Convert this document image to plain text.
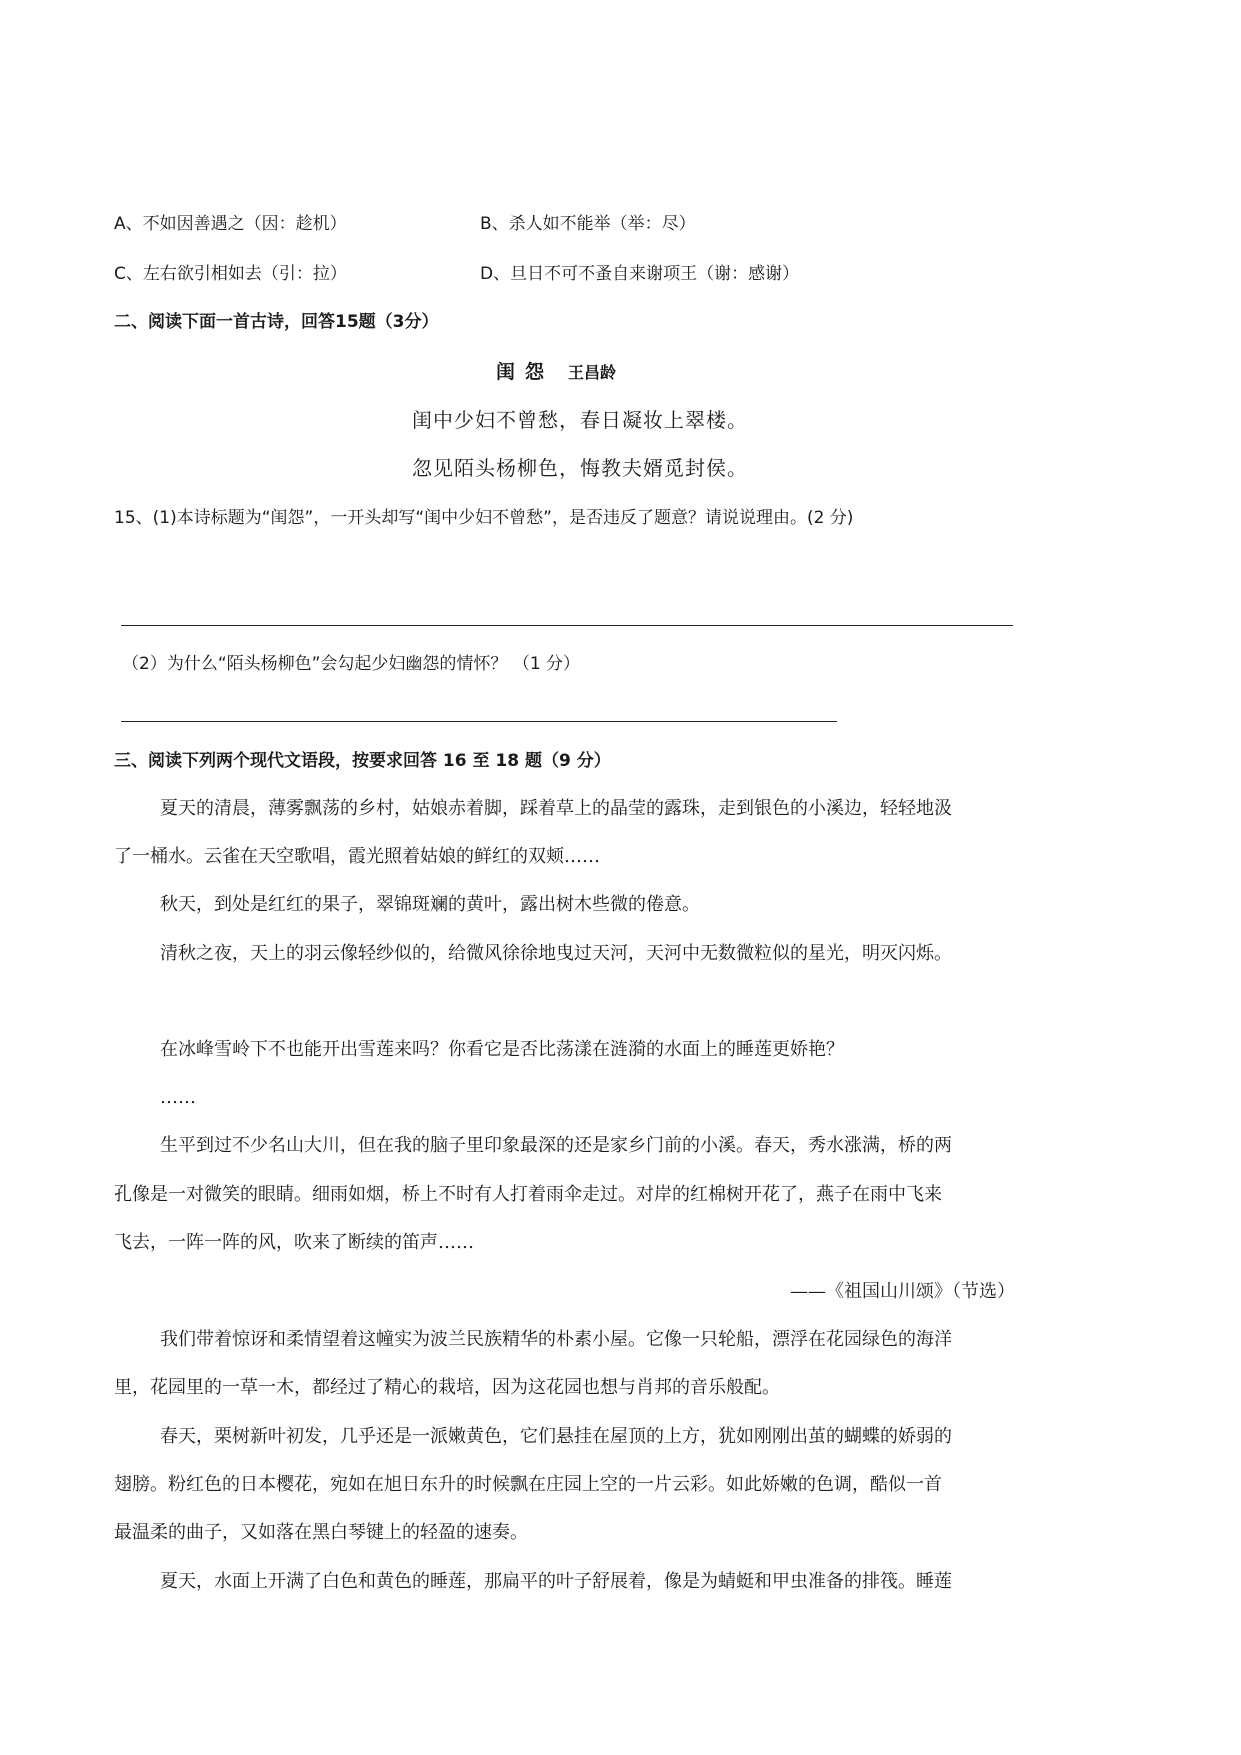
A、不如因善遇之（因：趁机）	B、杀人如不能举（举：尽）
C、左右欲引相如去（引：拉）	D、旦日不可不蚤自来谢项王（谢：感谢）
二、阅读下面一首古诗，回答15题（3分）
闺怨 王昌龄
闺中少妇不曾愁，春日凝妆上翠楼。
忽见陌头杨柳色，悔教夫婿觅封侯。
15、(1)本诗标题为“闺怨”，一开头却写“闺中少妇不曾愁”，是否违反了题意？请说说理由。(2 分)
（2）为什么“陌头杨柳色”会勾起少妇幽怨的情怀？ （1 分）
三、阅读下列两个现代文语段，按要求回答 16 至 18 题（9 分）
夏天的清晨，薄雾飘荡的乡村，姑娘赤着脚，踩着草上的晶莹的露珠，走到银色的小溪边，轻轻地汲
了一桶水。云雀在天空歌唱，霞光照着姑娘的鲜红的双颊……
秋天，到处是红红的果子，翠锦斑斓的黄叶，露出树木些微的倦意。
清秋之夜，天上的羽云像轻纱似的，给微风徐徐地曳过天河，天河中无数微粒似的星光，明灭闪烁。
在冰峰雪岭下不也能开出雪莲来吗？你看它是否比荡漾在涟漪的水面上的睡莲更娇艳？
……
生平到过不少名山大川，但在我的脑子里印象最深的还是家乡门前的小溪。春天，秀水涨满，桥的两
孔像是一对微笑的眼睛。细雨如烟，桥上不时有人打着雨伞走过。对岸的红棉树开花了，燕子在雨中飞来
飞去，一阵一阵的风，吹来了断续的笛声……
——《祖国山川颂》（节选）
我们带着惊讶和柔情望着这幢实为波兰民族精华的朴素小屋。它像一只轮船，漂浮在花园绿色的海洋
里，花园里的一草一木，都经过了精心的栽培，因为这花园也想与肖邦的音乐般配。
春天，栗树新叶初发，几乎还是一派嫩黄色，它们悬挂在屋顶的上方，犹如刚刚出茧的蝴蝶的娇弱的
翅膀。粉红色的日本樱花，宛如在旭日东升的时候飘在庄园上空的一片云彩。如此娇嫩的色调，酷似一首
最温柔的曲子，又如落在黑白琴键上的轻盈的速奏。
夏天，水面上开满了白色和黄色的睡莲，那扁平的叶子舒展着，像是为蜻蜓和甲虫准备的排筏。睡莲
